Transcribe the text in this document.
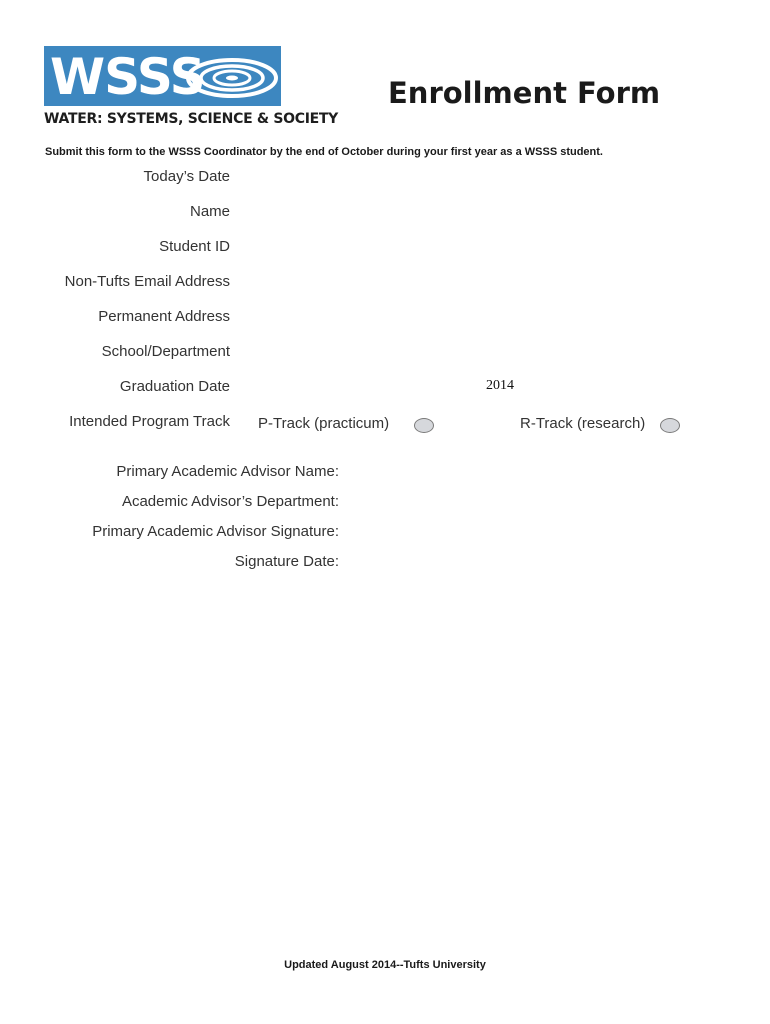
WSSS
WATER: SYSTEMS, SCIENCE & SOCIETY
Enrollment Form
Submit this form to the WSSS Coordinator by the end of October during your first year as a WSSS student.
Today’s Date
Name
Student ID
Non-Tufts Email Address
Permanent Address
School/Department
Graduation Date	2014
Intended Program Track P-Track (practicum)	R-Track (research)
Primary Academic Advisor Name:
Academic Advisor’s Department:
Primary Academic Advisor Signature:
Signature Date:
Updated August 2014--Tufts University
